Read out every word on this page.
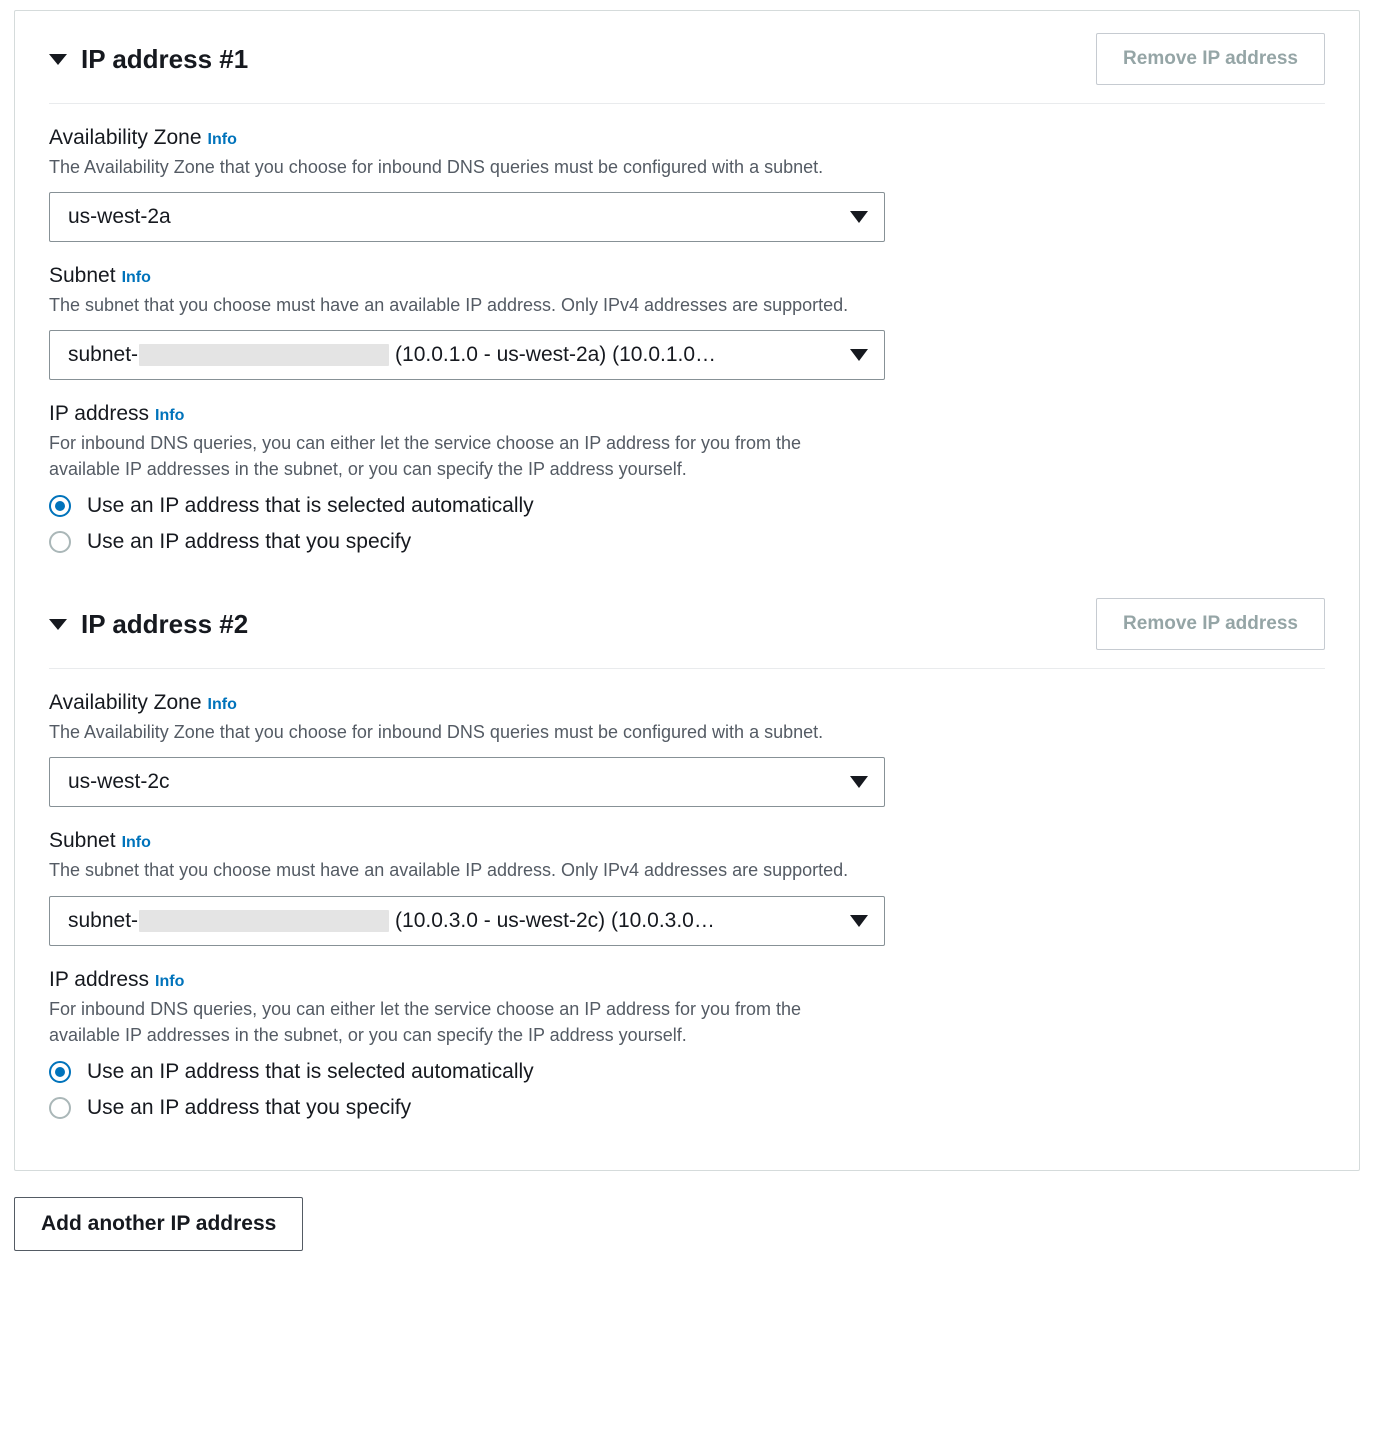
IP address #1	Remove IP address
Availability Zone Info
The Availability Zone that you choose for inbound DNS queries must be configured with a subnet.
us-west-2a
Subnet Info
The subnet that you choose must have an available IP address. Only IPv4 addresses are supported.
subnet-	(10.0.1.0 - us-west-2a) (10.0.1.0…
IP address Info
For inbound DNS queries, you can either let the service choose an IP address for you from the available IP addresses in the subnet, or you can specify the IP address yourself.
Use an IP address that is selected automatically
Use an IP address that you specify
IP address #2	Remove IP address
Availability Zone Info
The Availability Zone that you choose for inbound DNS queries must be configured with a subnet.
us-west-2c
Subnet Info
The subnet that you choose must have an available IP address. Only IPv4 addresses are supported.
subnet-	(10.0.3.0 - us-west-2c) (10.0.3.0…
IP address Info
For inbound DNS queries, you can either let the service choose an IP address for you from the available IP addresses in the subnet, or you can specify the IP address yourself.
Use an IP address that is selected automatically
Use an IP address that you specify
Add another IP address
